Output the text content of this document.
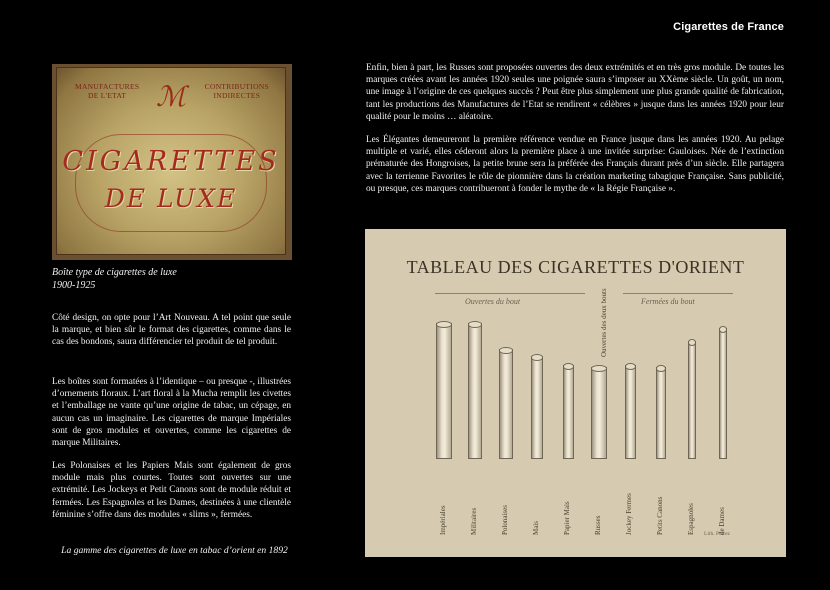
Cigarettes de France
MANUFACTURES
DE L'ETAT
CONTRIBUTIONS
INDIRECTES
ℳ
CIGARETTES
DE LUXE
Boîte type de cigarettes de luxe
1900-1925

Côté design, on opte pour l’Art Nouveau. A tel point que seule la marque, et bien sûr le format des cigarettes, comme dans le cas des bondons, saura différencier tel produit de tel produit.

Les boîtes sont formatées à l’identique – ou presque -, illustrées d’ornements floraux. L’art floral à la Mucha remplit les civettes et l’emballage ne vante qu’une origine de tabac, un cépage, en aucun cas un imaginaire. Les cigarettes de marque Impériales sont de gros modules et ouvertes, comme les cigarettes de marque Militaires.

Les Polonaises et les Papiers Mais sont également de gros module mais plus courtes. Toutes sont ouvertes sur une extrémité. Les Jockeys et Petit Canons sont de module réduit et fermées. Les Espagnoles et les Dames, destinées à une clientèle féminine s’offre dans des modules « slims », fermées.

La gamme des cigarettes de luxe en tabac d’orient en 1892

Enfin, bien à part, les Russes sont proposées ouvertes des deux extrémités et en très gros module. De toutes les marques créées avant les années 1920 seules une poignée saura s’imposer au XXème siècle. Un goût, un nom, une image à l’origine de ces quelques succès ? Peut être plus simplement une plus grande qualité de fabrication, tant les productions des Manufactures de l’Etat se rendirent « célèbres » jusque dans les années 1920 pour leur qualité pour le moins … aléatoire.

Les Élégantes demeureront la première référence vendue en France jusque dans les années 1920. Au pelage multiple et varié, elles céderont alors la première place à une invitée surprise: Gauloises. Née de l’extinction prématurée des Hongroises, la petite brune sera la préférée des Français durant près d’un siècle. Elle partagera avec la terrienne Favorites le rôle de pionnière dans la création marketing tabagique Française. Sans publicité, ou presque, ces marques contribueront à fonder le mythe de « la Régie Française ».

TABLEAU DES CIGARETTES D'ORIENT
Ouvertes du bout	Fermées du bout
Lith. Poirez
Impériales	Militaires	Polonaises	Mais	Papier Mais	Russes	Jockey Fermes	Petits Canons	Espagnoles	de Dames
Ouvertes des deux bouts
